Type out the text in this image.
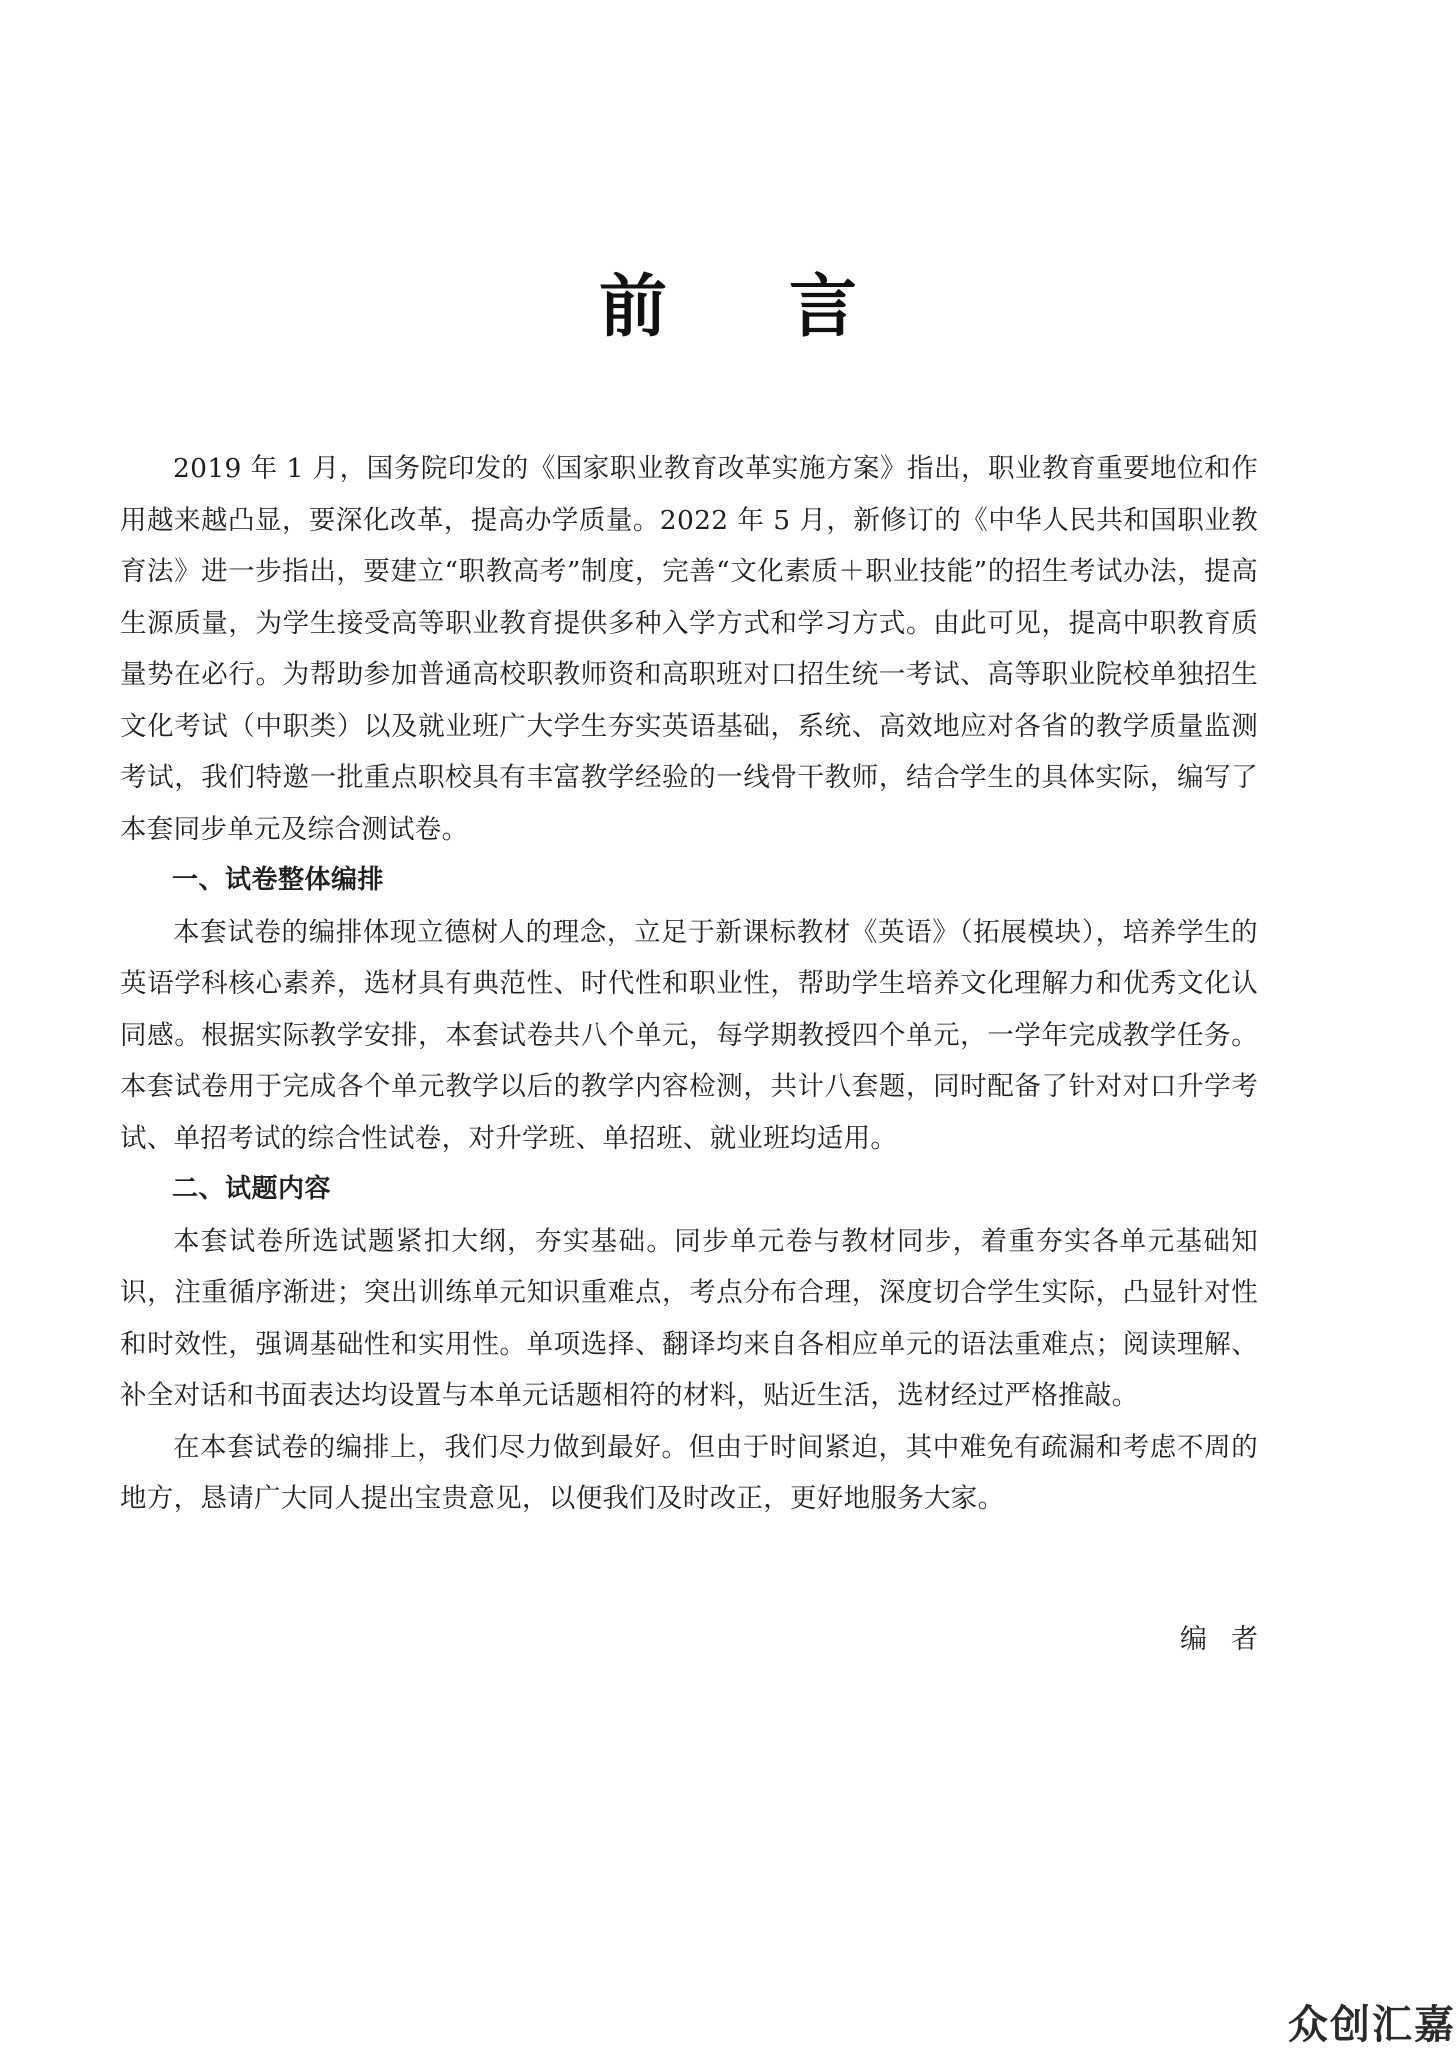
前言

2019 年 1 月，国务院印发的《国家职业教育改革实施方案》指出，职业教育重要地位和作用越来越凸显，要深化改革，提高办学质量。2022 年 5 月，新修订的《中华人民共和国职业教育法》进一步指出，要建立“职教高考”制度，完善“文化素质＋职业技能”的招生考试办法，提高生源质量，为学生接受高等职业教育提供多种入学方式和学习方式。由此可见，提高中职教育质量势在必行。为帮助参加普通高校职教师资和高职班对口招生统一考试、高等职业院校单独招生文化考试（中职类）以及就业班广大学生夯实英语基础，系统、高效地应对各省的教学质量监测考试，我们特邀一批重点职校具有丰富教学经验的一线骨干教师，结合学生的具体实际，编写了本套同步单元及综合测试卷。

一、试卷整体编排

本套试卷的编排体现立德树人的理念，立足于新课标教材《英语》（拓展模块），培养学生的英语学科核心素养，选材具有典范性、时代性和职业性，帮助学生培养文化理解力和优秀文化认同感。根据实际教学安排，本套试卷共八个单元，每学期教授四个单元，一学年完成教学任务。本套试卷用于完成各个单元教学以后的教学内容检测，共计八套题，同时配备了针对对口升学考试、单招考试的综合性试卷，对升学班、单招班、就业班均适用。

二、试题内容

本套试卷所选试题紧扣大纲，夯实基础。同步单元卷与教材同步，着重夯实各单元基础知识，注重循序渐进；突出训练单元知识重难点，考点分布合理，深度切合学生实际，凸显针对性和时效性，强调基础性和实用性。单项选择、翻译均来自各相应单元的语法重难点；阅读理解、补全对话和书面表达均设置与本单元话题相符的材料，贴近生活，选材经过严格推敲。

在本套试卷的编排上，我们尽力做到最好。但由于时间紧迫，其中难免有疏漏和考虑不周的地方，恳请广大同人提出宝贵意见，以便我们及时改正，更好地服务大家。

编者
众创汇嘉
